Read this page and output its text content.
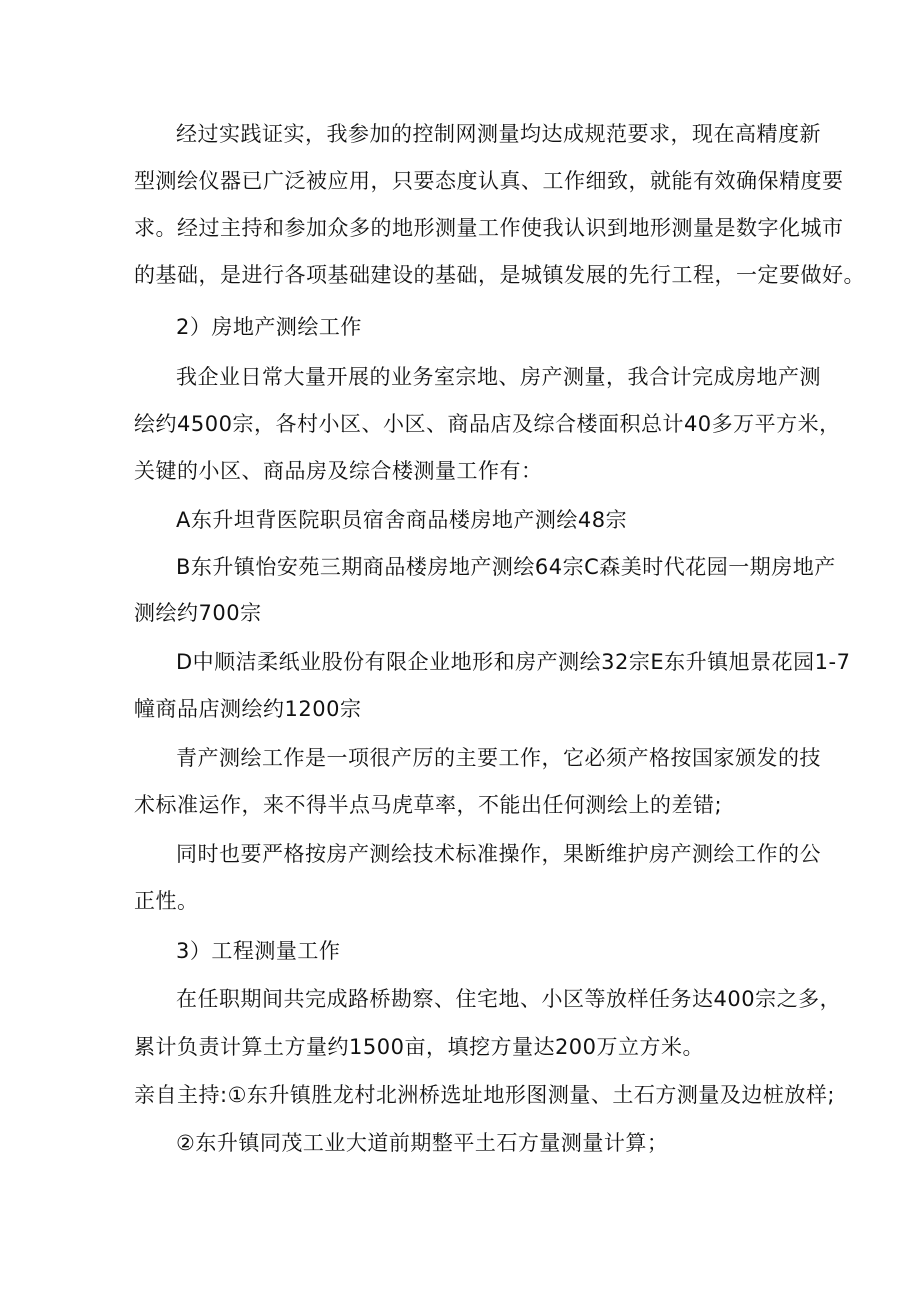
经过实践证实，我参加的控制网测量均达成规范要求，现在高精度新
型测绘仪器已广泛被应用，只要态度认真、工作细致，就能有效确保精度要
求。经过主持和参加众多的地形测量工作使我认识到地形测量是数字化城市
的基础，是进行各项基础建设的基础，是城镇发展的先行工程，一定要做好。
2）房地产测绘工作
我企业日常大量开展的业务室宗地、房产测量，我合计完成房地产测
绘约4500宗，各村小区、小区、商品店及综合楼面积总计40多万平方米，
关键的小区、商品房及综合楼测量工作有：
A东升坦背医院职员宿舍商品楼房地产测绘48宗
B东升镇怡安苑三期商品楼房地产测绘64宗C森美时代花园一期房地产
测绘约700宗
D中顺洁柔纸业股份有限企业地形和房产测绘32宗E东升镇旭景花园1-7
幢商品店测绘约1200宗
青产测绘工作是一项很产厉的主要工作，它必须产格按国家颁发的技
术标准运作，来不得半点马虎草率，不能出任何测绘上的差错;
同时也要严格按房产测绘技术标准操作，果断维护房产测绘工作的公
正性。
3）工程测量工作
在任职期间共完成路桥勘察、住宅地、小区等放样任务达400宗之多，
累计负责计算土方量约1500亩，填挖方量达200万立方米。
亲自主持:①东升镇胜龙村北洲桥选址地形图测量、土石方测量及边桩放样;
②东升镇同茂工业大道前期整平土石方量测量计算；
